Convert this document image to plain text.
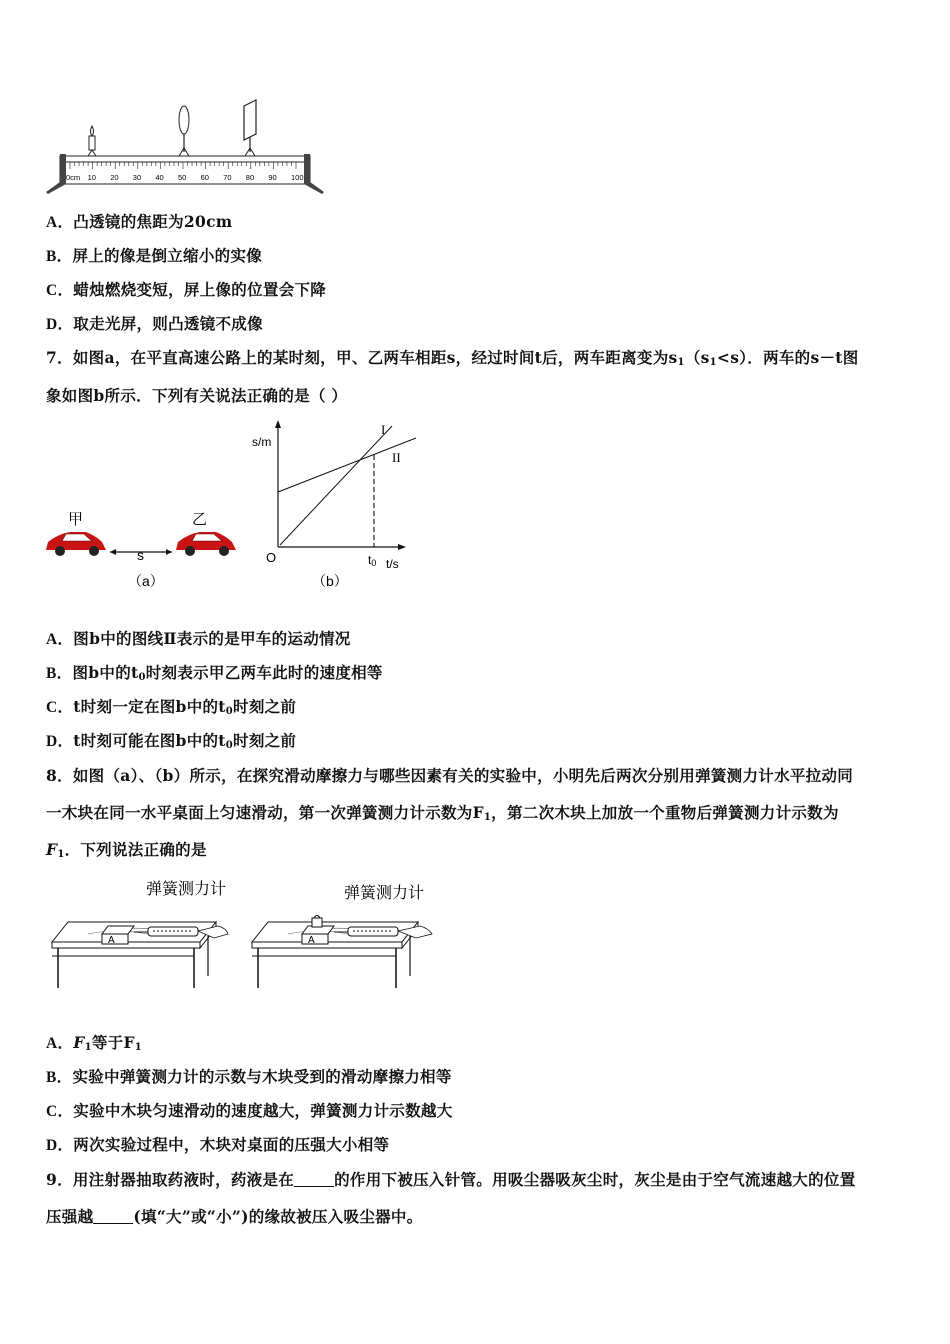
0cm 10 20 30 40 50 60 70 80 90 100
A．凸透镜的焦距为20cm
B．屏上的像是倒立缩小的实像
C．蜡烛燃烧变短，屏上像的位置会下降
D．取走光屏，则凸透镜不成像
7．如图a，在平直高速公路上的某时刻，甲、乙两车相距s，经过时间t后，两车距离变为$s_1(s_1<s)$．两车的s－t图
象如图b所示．下列有关说法正确的是（ ）
甲	乙
s
（a）
s/m
t/s
O
I
II
t0
（b）
A．图b中的图线Ⅱ表示的是甲车的运动情况
B．图b中的$t_0$时刻表示甲乙两车此时的速度相等
C．t时刻一定在图b中的$t_0$时刻之前
D．t时刻可能在图b中的$t_0$时刻之前
8．如图（a）、（b）所示，在探究滑动摩擦力与哪些因素有关的实验中，小明先后两次分别用弹簧测力计水平拉动同
一木块在同一水平桌面上匀速滑动，第一次弹簧测力计示数为$F_1$，第二次木块上加放一个重物后弹簧测力计示数为
$F_1$．下列说法正确的是
弹簧测力计	弹簧测力计
A	A
A．$F_1$等于$F_1$
B．实验中弹簧测力计的示数与木块受到的滑动摩擦力相等
C．实验中木块匀速滑动的速度越大，弹簧测力计示数越大
D．两次实验过程中，木块对桌面的压强大小相等
9．用注射器抽取药液时，药液是在	的作用下被压入针管。用吸尘器吸灰尘时，灰尘是由于空气流速越大的位置
压强越	(填“大”或“小”)的缘故被压入吸尘器中。
